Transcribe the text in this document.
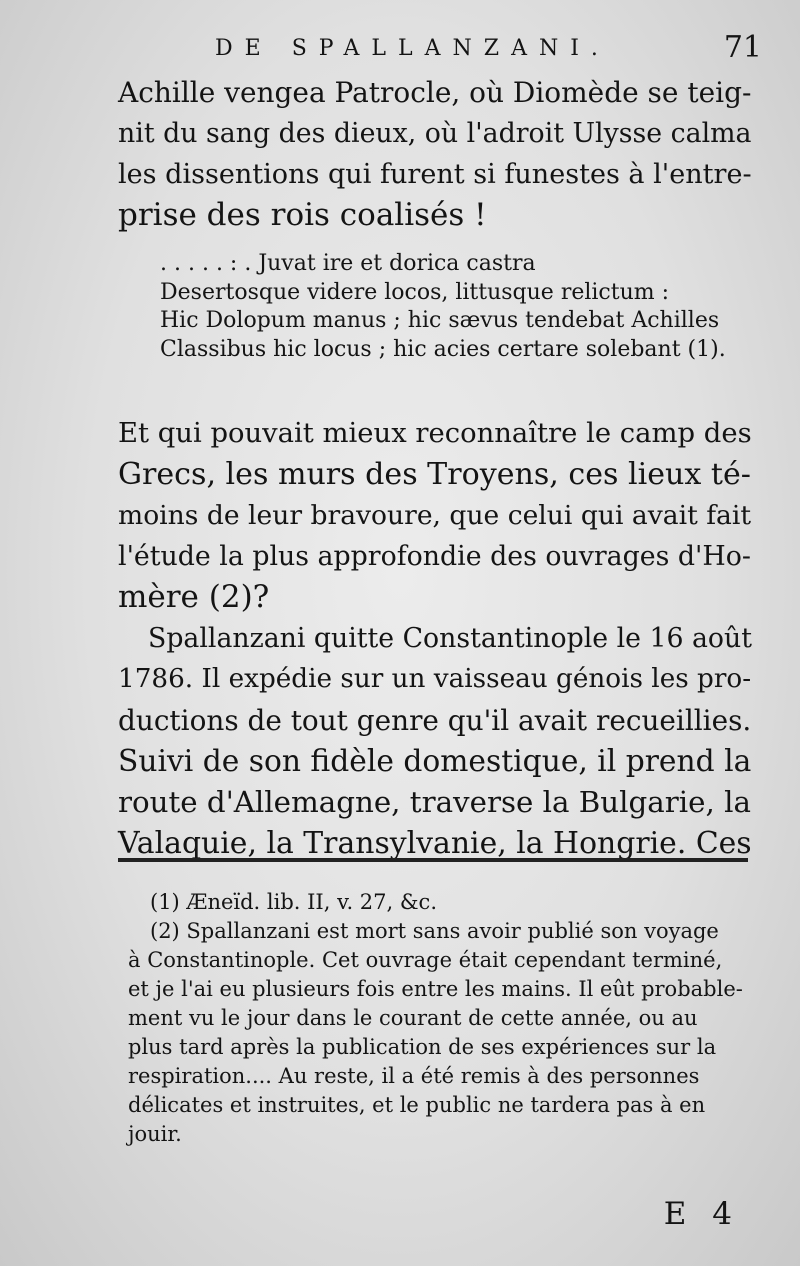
DE SPALLANZANI.	71
Achille vengea Patrocle, où Diomède se teig-
nit du sang des dieux, où l'adroit Ulysse calma
les dissentions qui furent si funestes à l'entre-
prise des rois coalisés !
Et qui pouvait mieux reconnaître le camp des
Grecs, les murs des Troyens, ces lieux té-
moins de leur bravoure, que celui qui avait fait
l'étude la plus approfondie des ouvrages d'Ho-
mère (2)?
Spallanzani quitte Constantinople le 16 août
1786. Il expédie sur un vaisseau génois les pro-
ductions de tout genre qu'il avait recueillies.
Suivi de son fidèle domestique, il prend la
route d'Allemagne, traverse la Bulgarie, la
Valaquie, la Transylvanie, la Hongrie. Ces
. . . . . : . Juvat ire et dorica castra
Desertosque videre locos, littusque relictum :
Hic Dolopum manus ; hic sævus tendebat Achilles
Classibus hic locus ; hic acies certare solebant (1).
(1) Æneïd. lib. II, v. 27, &c.
(2) Spallanzani est mort sans avoir publié son voyage
à Constantinople. Cet ouvrage était cependant terminé,
et je l'ai eu plusieurs fois entre les mains. Il eût probable-
ment vu le jour dans le courant de cette année, ou au
plus tard après la publication de ses expériences sur la
respiration.... Au reste, il a été remis à des personnes
délicates et instruites, et le public ne tardera pas à en
jouir.
E 4
